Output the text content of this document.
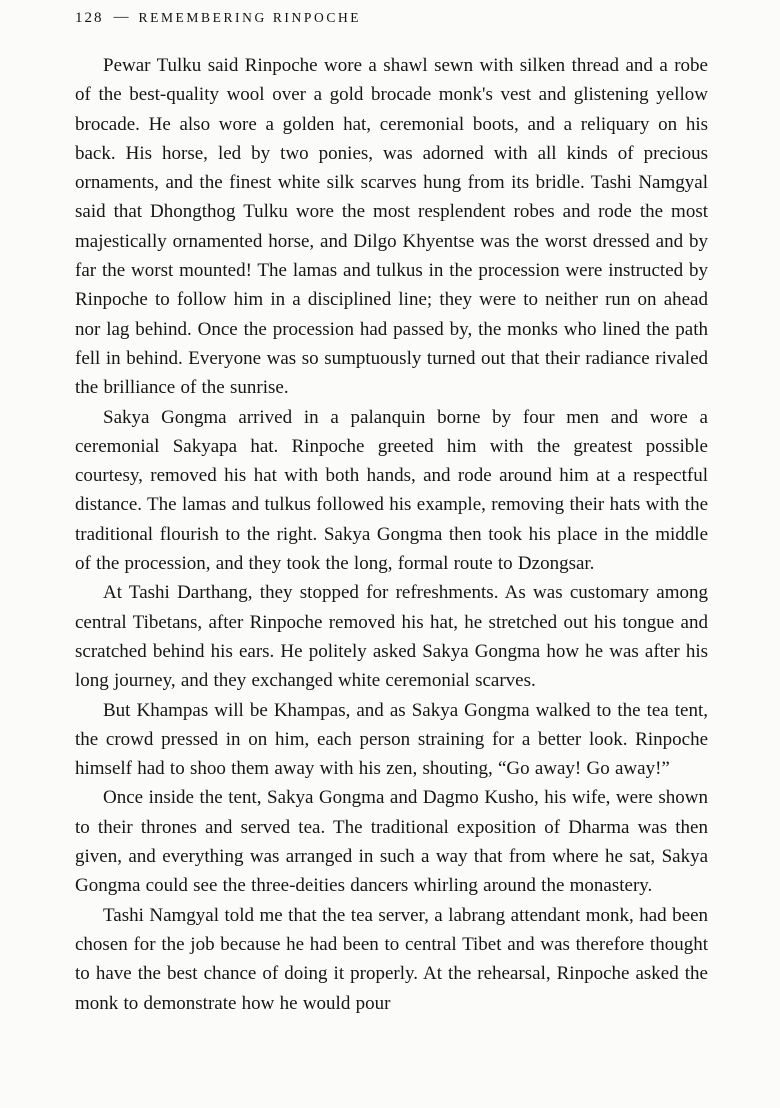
128 — REMEMBERING RINPOCHE

Pewar Tulku said Rinpoche wore a shawl sewn with silken thread and a robe of the best-quality wool over a gold brocade monk's vest and glistening yellow brocade. He also wore a golden hat, ceremonial boots, and a reliquary on his back. His horse, led by two ponies, was adorned with all kinds of precious ornaments, and the finest white silk scarves hung from its bridle. Tashi Namgyal said that Dhongthog Tulku wore the most resplendent robes and rode the most majestically ornamented horse, and Dilgo Khyentse was the worst dressed and by far the worst mounted! The lamas and tulkus in the procession were instructed by Rinpoche to follow him in a disciplined line; they were to neither run on ahead nor lag behind. Once the procession had passed by, the monks who lined the path fell in behind. Everyone was so sumptuously turned out that their radiance rivaled the brilliance of the sunrise.

Sakya Gongma arrived in a palanquin borne by four men and wore a ceremonial Sakyapa hat. Rinpoche greeted him with the greatest possible courtesy, removed his hat with both hands, and rode around him at a respectful distance. The lamas and tulkus followed his example, removing their hats with the traditional flourish to the right. Sakya Gongma then took his place in the middle of the procession, and they took the long, formal route to Dzongsar.

At Tashi Darthang, they stopped for refreshments. As was customary among central Tibetans, after Rinpoche removed his hat, he stretched out his tongue and scratched behind his ears. He politely asked Sakya Gongma how he was after his long journey, and they exchanged white ceremonial scarves.

But Khampas will be Khampas, and as Sakya Gongma walked to the tea tent, the crowd pressed in on him, each person straining for a better look. Rinpoche himself had to shoo them away with his zen, shouting, “Go away! Go away!”

Once inside the tent, Sakya Gongma and Dagmo Kusho, his wife, were shown to their thrones and served tea. The traditional exposition of Dharma was then given, and everything was arranged in such a way that from where he sat, Sakya Gongma could see the three-deities dancers whirling around the monastery.

Tashi Namgyal told me that the tea server, a labrang attendant monk, had been chosen for the job because he had been to central Tibet and was therefore thought to have the best chance of doing it properly. At the rehearsal, Rinpoche asked the monk to demonstrate how he would pour
